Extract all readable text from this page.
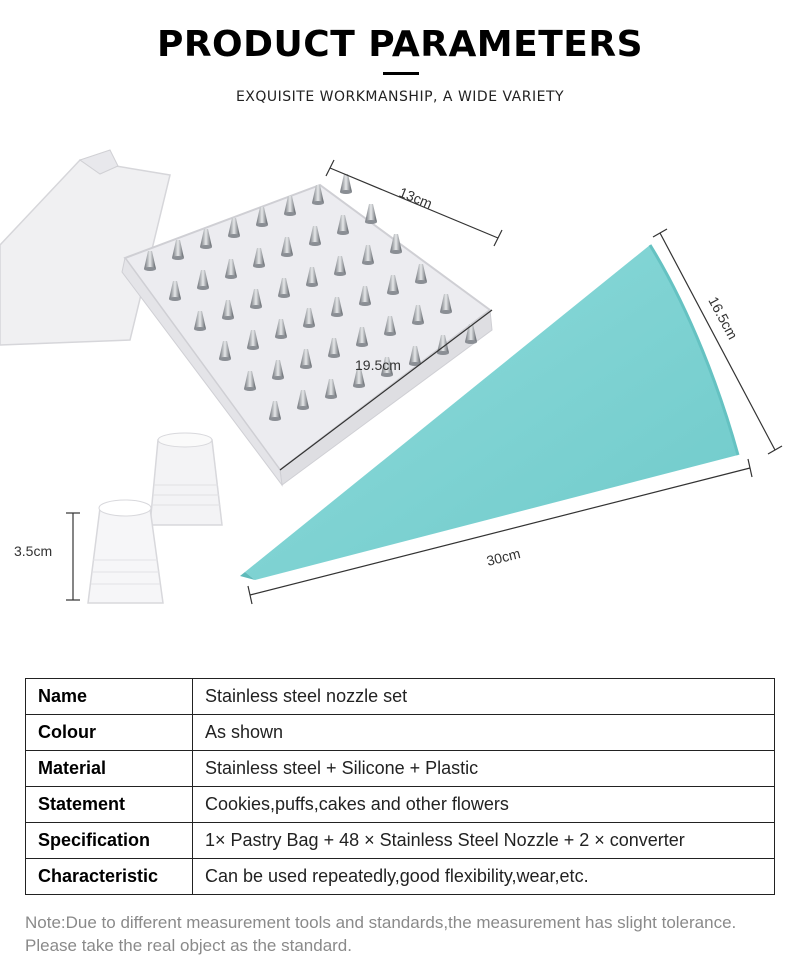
PRODUCT PARAMETERS
EXQUISITE WORKMANSHIP, A WIDE VARIETY
13cm
19.5cm
16.5cm
30cm
3.5cm
Name	Stainless steel nozzle set
Colour	As shown
Material	Stainless steel + Silicone + Plastic
Statement	Cookies,puffs,cakes and other flowers
Specification	1× Pastry Bag + 48 × Stainless Steel Nozzle + 2 × converter
Characteristic	Can be used repeatedly,good flexibility,wear,etc.
Note:Due to different measurement tools and standards,the measurement has slight tolerance. Please take the real object as the standard.
